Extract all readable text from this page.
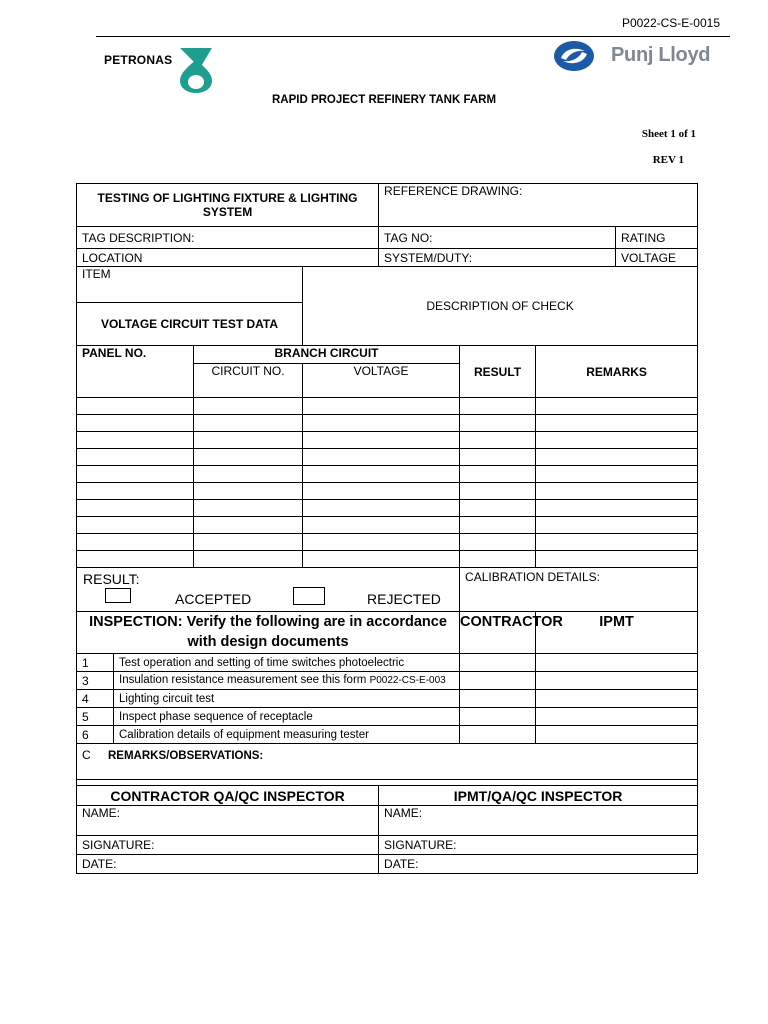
P0022-CS-E-0015
PETRONAS	Punj Lloyd
RAPID PROJECT REFINERY TANK FARM
Sheet 1 of 1
REV 1
TESTING OF LIGHTING FIXTURE & LIGHTING SYSTEM				REFERENCE DRAWING:			
TAG DESCRIPTION:				TAG NO:			RATING
LOCATION				SYSTEM/DUTY:			VOLTAGE
ITEM			DESCRIPTION OF CHECK				
VOLTAGE CIRCUIT TEST DATA							
PANEL NO.		BRANCH CIRCUIT			RESULT	REMARKS	
		CIRCUIT NO.	VOLTAGE				

RESULT:
ACCEPTED REJECTED					CALIBRATION DETAILS:		
INSPECTION: Verify the following are in accordance with design documents					CONTRACTOR	IPMT	
1	Test operation and setting of time switches photoelectric						
3	Insulation resistance measurement see this form P0022-CS-E-003						
4	Lighting circuit test						
5	Inspect phase sequence of receptacle						
6	Calibration details of equipment measuring tester						
C REMARKS/OBSERVATIONS:							

CONTRACTOR QA/QC INSPECTOR				IPMT/QA/QC INSPECTOR			
NAME:				NAME:			
SIGNATURE:				SIGNATURE:			
DATE:				DATE:			
